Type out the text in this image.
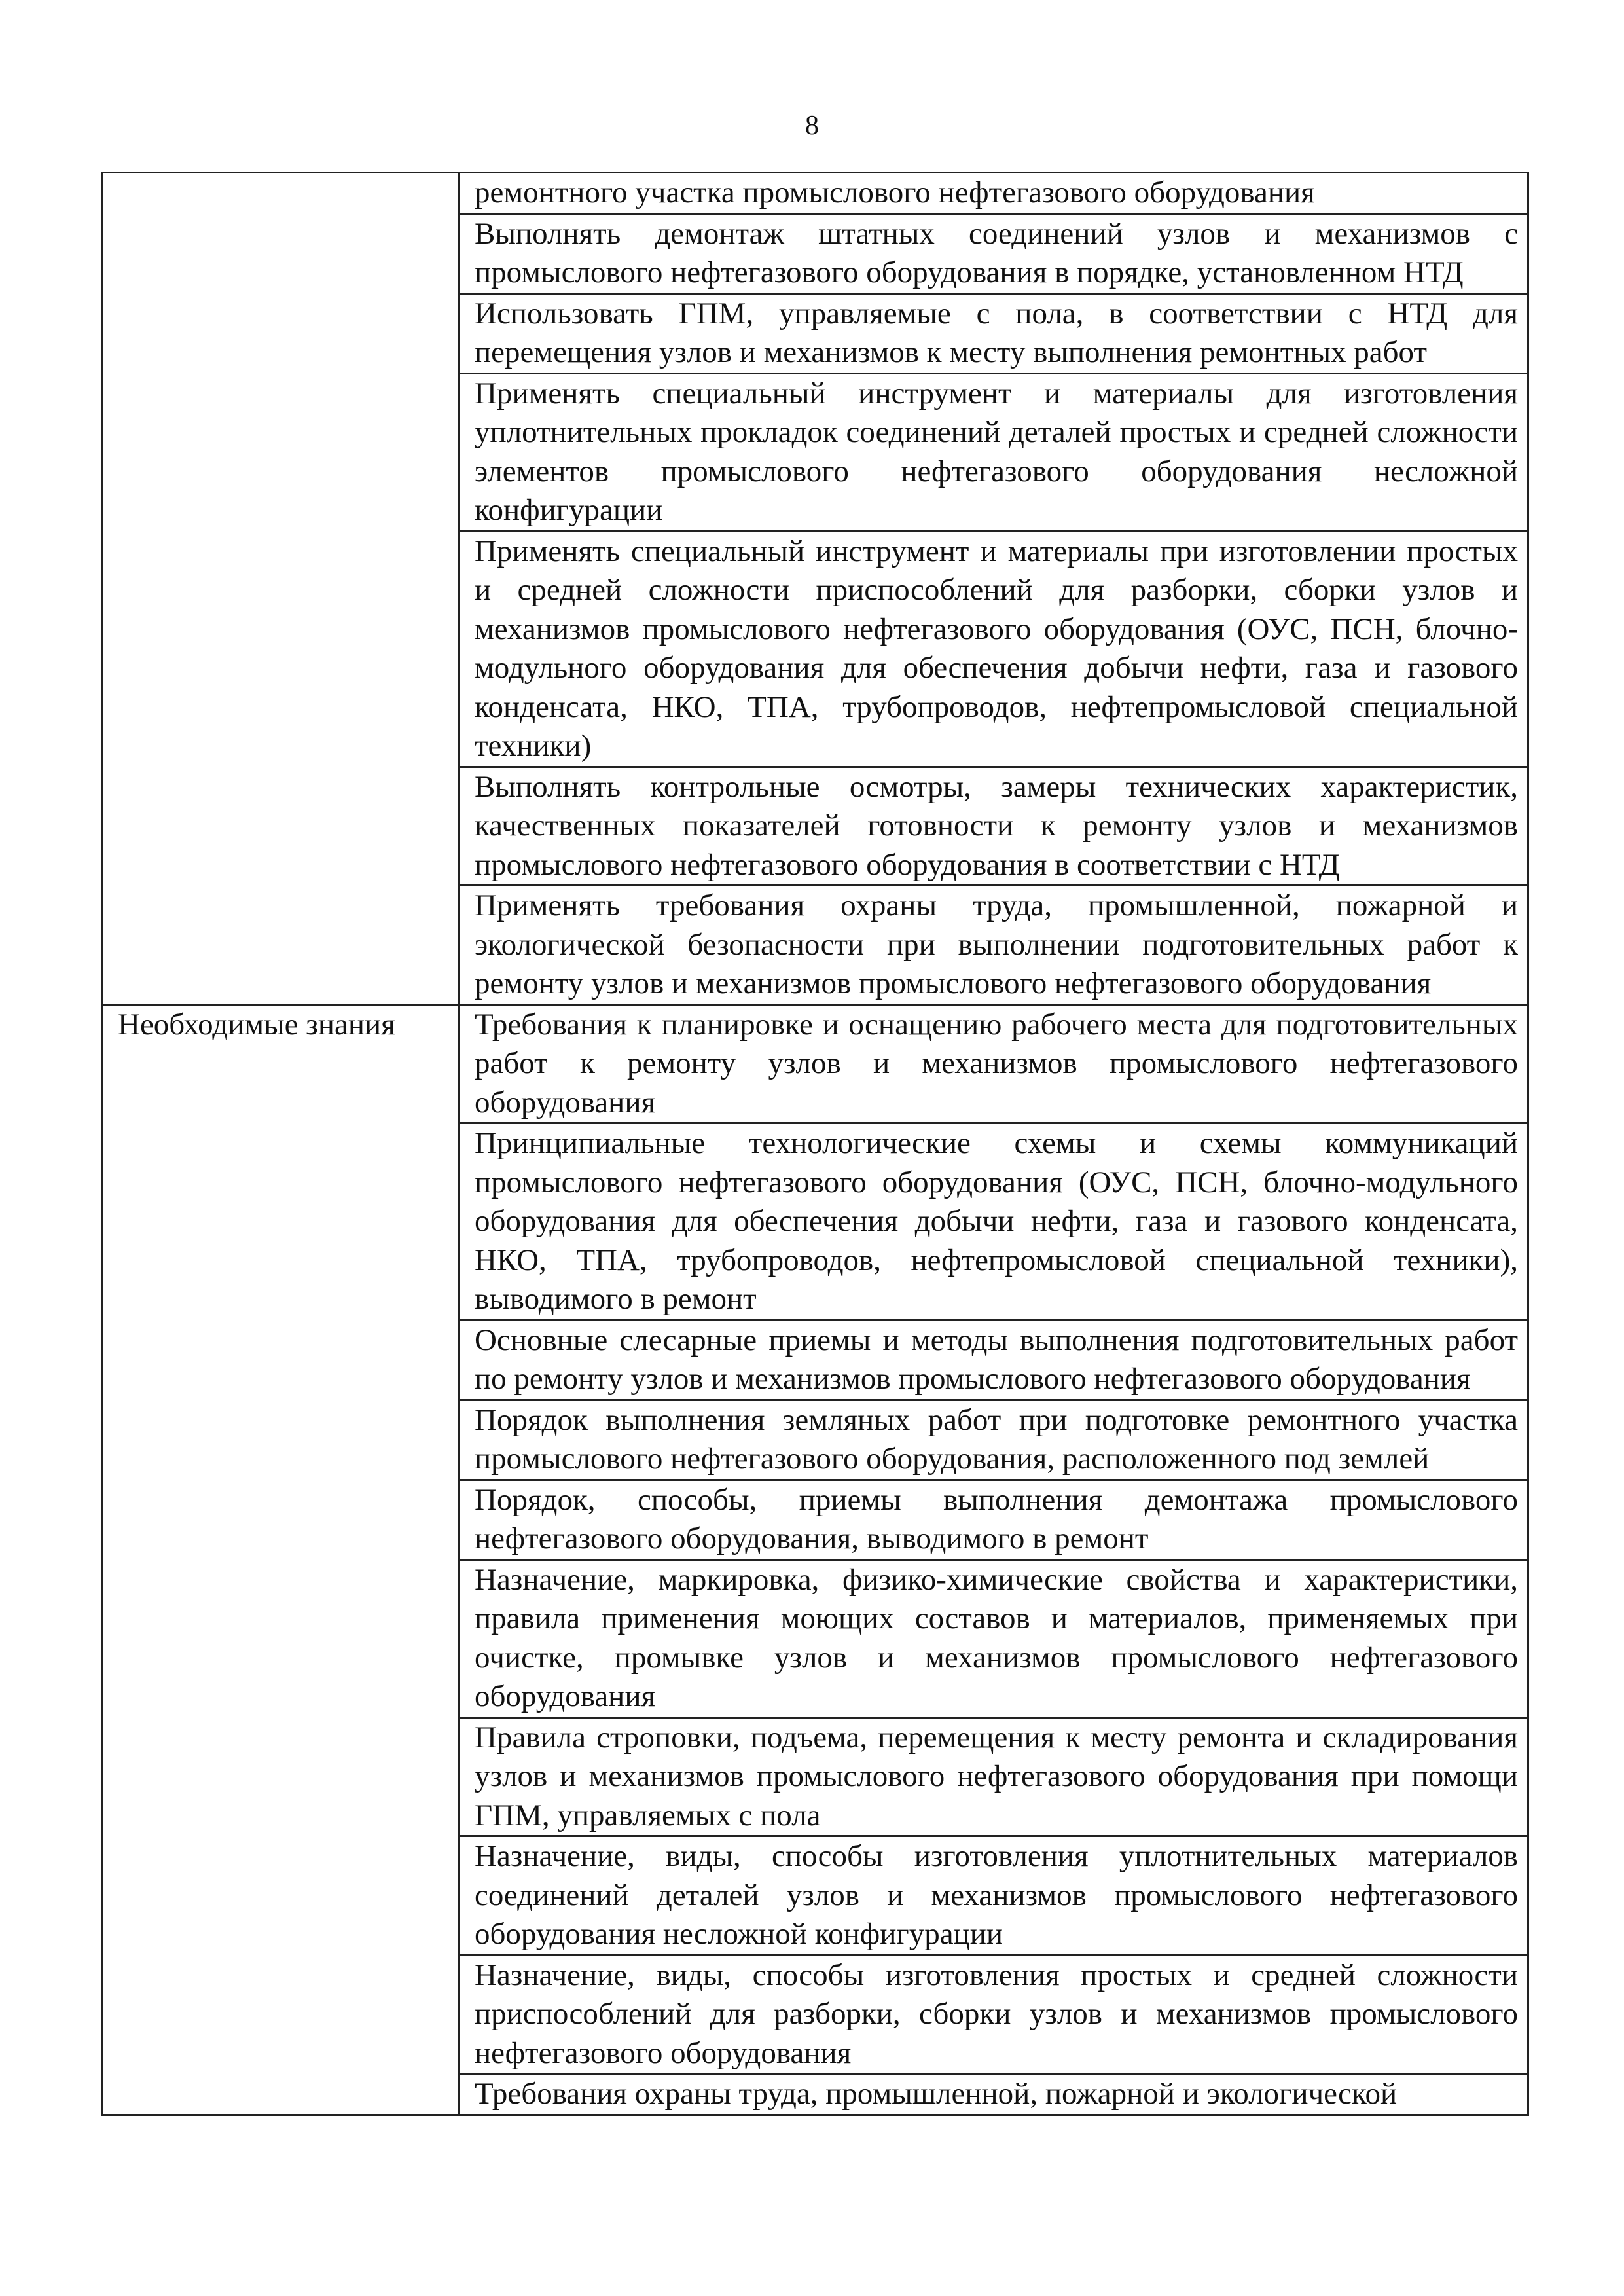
8
	ремонтного участка промыслового нефтегазового оборудования
	Выполнять демонтаж штатных соединений узлов и механизмов с промыслового нефтегазового оборудования в порядке, установленном НТД
	Использовать ГПМ, управляемые с пола, в соответствии с НТД для перемещения узлов и механизмов к месту выполнения ремонтных работ
	Применять специальный инструмент и материалы для изготовления уплотнительных прокладок соединений деталей простых и средней сложности элементов промыслового нефтегазового оборудования несложной конфигурации
	Применять специальный инструмент и материалы при изготовлении простых и средней сложности приспособлений для разборки, сборки узлов и механизмов промыслового нефтегазового оборудования (ОУС, ПСН, блочно-модульного оборудования для обеспечения добычи нефти, газа и газового конденсата, НКО, ТПА, трубопроводов, нефтепромысловой специальной техники)
	Выполнять контрольные осмотры, замеры технических характеристик, качественных показателей готовности к ремонту узлов и механизмов промыслового нефтегазового оборудования в соответствии с НТД
	Применять требования охраны труда, промышленной, пожарной и экологической безопасности при выполнении подготовительных работ к ремонту узлов и механизмов промыслового нефтегазового оборудования
Необходимые знания	Требования к планировке и оснащению рабочего места для подготовительных работ к ремонту узлов и механизмов промыслового нефтегазового оборудования
	Принципиальные технологические схемы и схемы коммуникаций промыслового нефтегазового оборудования (ОУС, ПСН, блочно-модульного оборудования для обеспечения добычи нефти, газа и газового конденсата, НКО, ТПА, трубопроводов, нефтепромысловой специальной техники), выводимого в ремонт
	Основные слесарные приемы и методы выполнения подготовительных работ по ремонту узлов и механизмов промыслового нефтегазового оборудования
	Порядок выполнения земляных работ при подготовке ремонтного участка промыслового нефтегазового оборудования, расположенного под землей
	Порядок, способы, приемы выполнения демонтажа промыслового нефтегазового оборудования, выводимого в ремонт
	Назначение, маркировка, физико-химические свойства и характеристики, правила применения моющих составов и материалов, применяемых при очистке, промывке узлов и механизмов промыслового нефтегазового оборудования
	Правила строповки, подъема, перемещения к месту ремонта и складирования узлов и механизмов промыслового нефтегазового оборудования при помощи ГПМ, управляемых с пола
	Назначение, виды, способы изготовления уплотнительных материалов соединений деталей узлов и механизмов промыслового нефтегазового оборудования несложной конфигурации
	Назначение, виды, способы изготовления простых и средней сложности приспособлений для разборки, сборки узлов и механизмов промыслового нефтегазового оборудования
	Требования охраны труда, промышленной, пожарной и экологической
